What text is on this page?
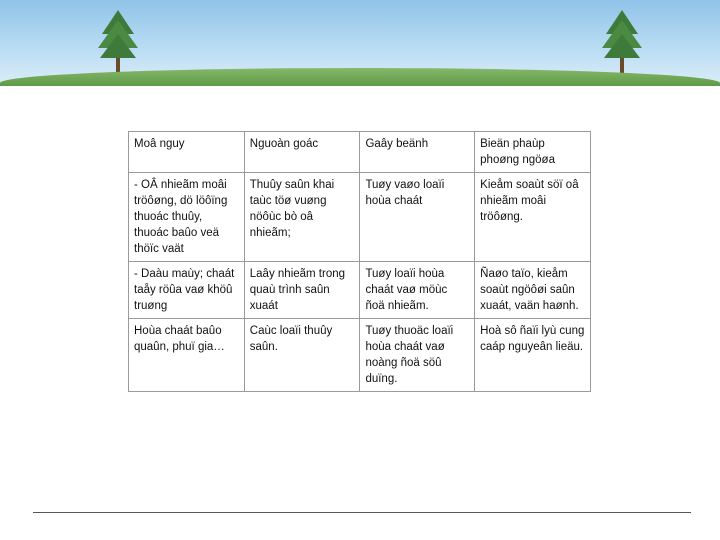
Moâ nguy	Nguoàn goác	Gaây beänh	Bieän phaùp phoøng ngöøa
- OÂ nhieãm moâi tröôøng, dö löôïng thuoác thuûy, thuoác baûo veä thöïc vaät	Thuûy saûn khai taùc töø vuøng nöôùc bò oâ nhieãm;	Tuøy vaøo loaïi hoùa chaát	Kieåm soaùt söï oâ nhieãm moâi tröôøng.
- Daàu maùy; chaát taåy röûa vaø khöû truøng	Laây nhieãm trong quaù trình saûn xuaát	Tuøy loaïi hoùa chaát vaø möùc ñoä nhieãm.	Ñaøo taïo, kieåm soaùt ngöôøi saûn xuaát, vaän haønh.
Hoùa chaát baûo quaûn, phuï gia…	Caùc loaïi thuûy saûn.	Tuøy thuoäc loaïi hoùa chaát vaø noàng ñoä söû duïng.	Hoà sô ñaïi lyù cung caáp nguyeân lieäu.
